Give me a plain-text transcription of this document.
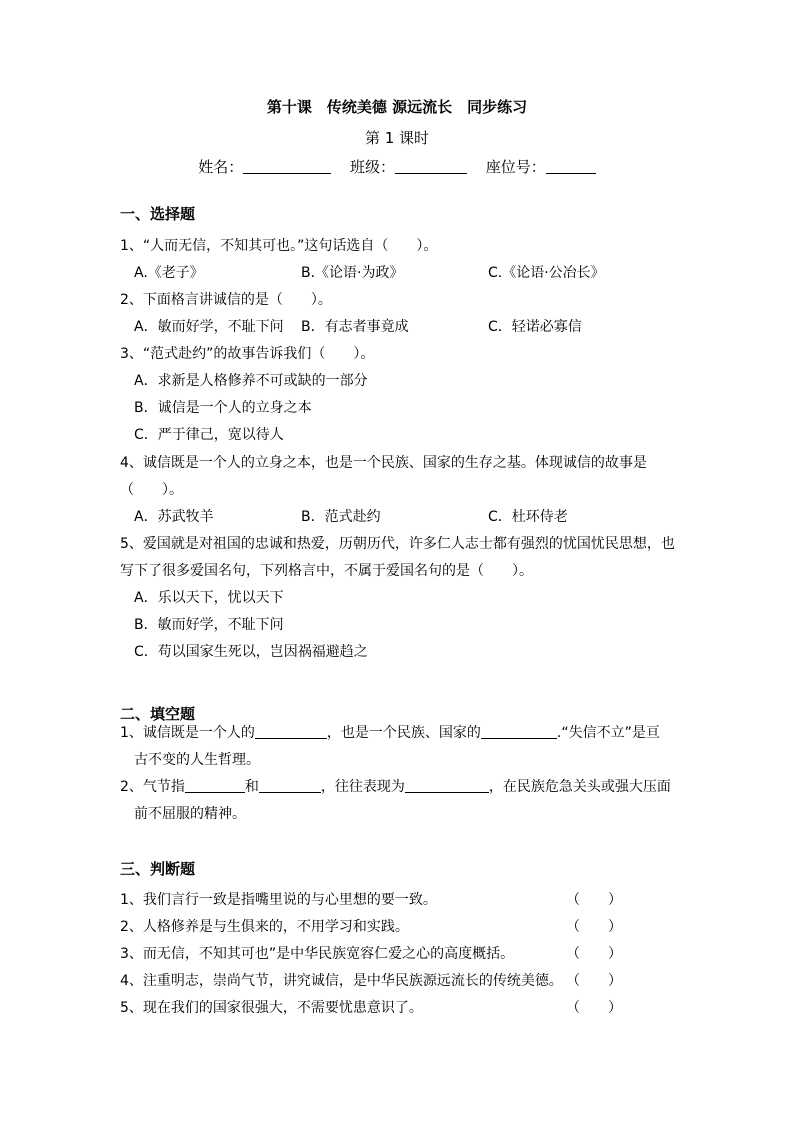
第十课　传统美德 源远流长　同步练习
第 1 课时
姓名：	班级：	座位号：
一、选择题
1、“人而无信，不知其可也。”这句话选自（　　）。
A.《老子》	B.《论语·为政》	C.《论语·公冶长》
2、下面格言讲诚信的是（　　）。
A．敏而好学，不耻下问 B．有志者事竟成	C．轻诺必寡信
3、“范式赴约”的故事告诉我们（　　）。
A．求新是人格修养不可或缺的一部分
B．诚信是一个人的立身之本
C．严于律己，宽以待人
4、诚信既是一个人的立身之本，也是一个民族、国家的生存之基。体现诚信的故事是
（　　）。
A．苏武牧羊	B．范式赴约	C．杜环侍老
5、爱国就是对祖国的忠诚和热爱，历朝历代，许多仁人志士都有强烈的忧国忧民思想，也
写下了很多爱国名句，下列格言中，不属于爱国名句的是（　　）。
A．乐以天下，忧以天下
B．敏而好学，不耻下问
C．苟以国家生死以，岂因祸福避趋之
二、填空题
1、诚信既是一个人的	，也是一个民族、国家的	.“失信不立”是亘
古不变的人生哲理。
2、气节指	和	，往往表现为	，在民族危急关头或强大压面
前不屈服的精神。
三、判断题
1、我们言行一致是指嘴里说的与心里想的要一致。	（　　）
2、人格修养是与生俱来的，不用学习和实践。	（　　）
3、而无信，不知其可也”是中华民族宽容仁爱之心的高度概括。	（　　）
4、注重明志，崇尚气节，讲究诚信，是中华民族源远流长的传统美德。 （　　）
5、现在我们的国家很强大，不需要忧患意识了。	（　　）
